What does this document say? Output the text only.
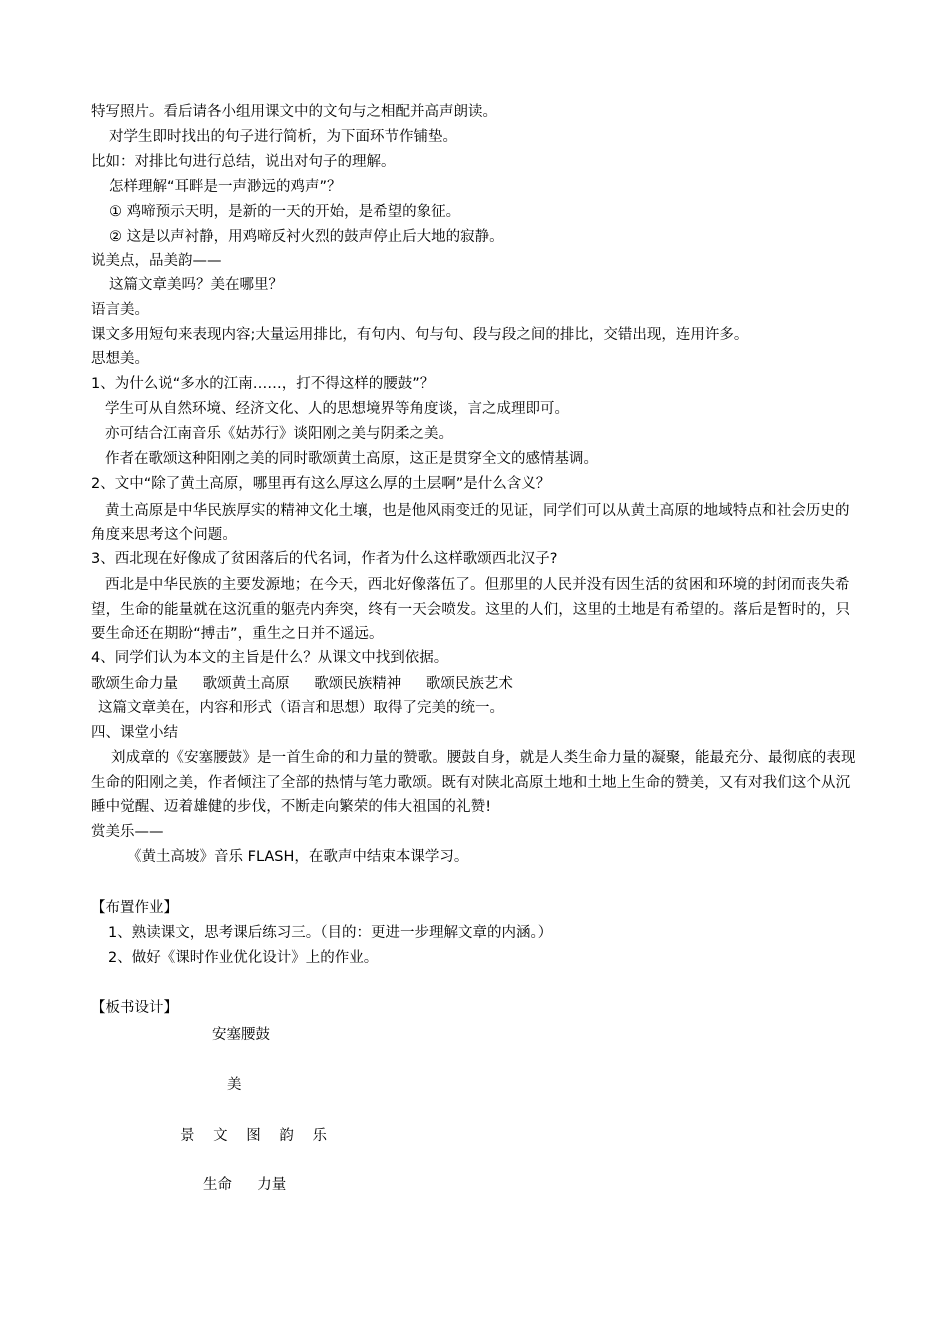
特写照片。看后请各小组用课文中的文句与之相配并高声朗读。
对学生即时找出的句子进行简析，为下面环节作铺垫。
比如：对排比句进行总结，说出对句子的理解。
怎样理解“耳畔是一声渺远的鸡声”？
① 鸡啼预示天明，是新的一天的开始，是希望的象征。
② 这是以声衬静，用鸡啼反衬火烈的鼓声停止后大地的寂静。
说美点，品美韵——
这篇文章美吗？美在哪里？
语言美。
课文多用短句来表现内容;大量运用排比，有句内、句与句、段与段之间的排比，交错出现，连用许多。
思想美。
1、为什么说“多水的江南……，打不得这样的腰鼓”？
学生可从自然环境、经济文化、人的思想境界等角度谈，言之成理即可。
亦可结合江南音乐《姑苏行》谈阳刚之美与阴柔之美。
作者在歌颂这种阳刚之美的同时歌颂黄土高原，这正是贯穿全文的感情基调。
2、文中“除了黄土高原，哪里再有这么厚这么厚的土层啊”是什么含义？
黄土高原是中华民族厚实的精神文化土壤，也是他风雨变迁的见证，同学们可以从黄土高原的地域特点和社会历史的角度来思考这个问题。
3、西北现在好像成了贫困落后的代名词，作者为什么这样歌颂西北汉子?
西北是中华民族的主要发源地；在今天，西北好像落伍了。但那里的人民并没有因生活的贫困和环境的封闭而丧失希望，生命的能量就在这沉重的躯壳内奔突，终有一天会喷发。这里的人们，这里的土地是有希望的。落后是暂时的，只要生命还在期盼“搏击”，重生之日并不遥远。
4、同学们认为本文的主旨是什么？从课文中找到依据。
歌颂生命力量 歌颂黄土高原 歌颂民族精神 歌颂民族艺术
这篇文章美在，内容和形式（语言和思想）取得了完美的统一。
四、课堂小结
刘成章的《安塞腰鼓》是一首生命的和力量的赞歌。腰鼓自身，就是人类生命力量的凝聚，能最充分、最彻底的表现生命的阳刚之美，作者倾注了全部的热情与笔力歌颂。既有对陕北高原土地和土地上生命的赞美，又有对我们这个从沉睡中觉醒、迈着雄健的步伐，不断走向繁荣的伟大祖国的礼赞!
赏美乐——
《黄土高坡》音乐 FLASH，在歌声中结束本课学习。
【布置作业】
1、熟读课文，思考课后练习三。（目的：更进一步理解文章的内涵。）
2、做好《课时作业优化设计》上的作业。
【板书设计】
安塞腰鼓
美
景 文 图 韵 乐
生命 力量
